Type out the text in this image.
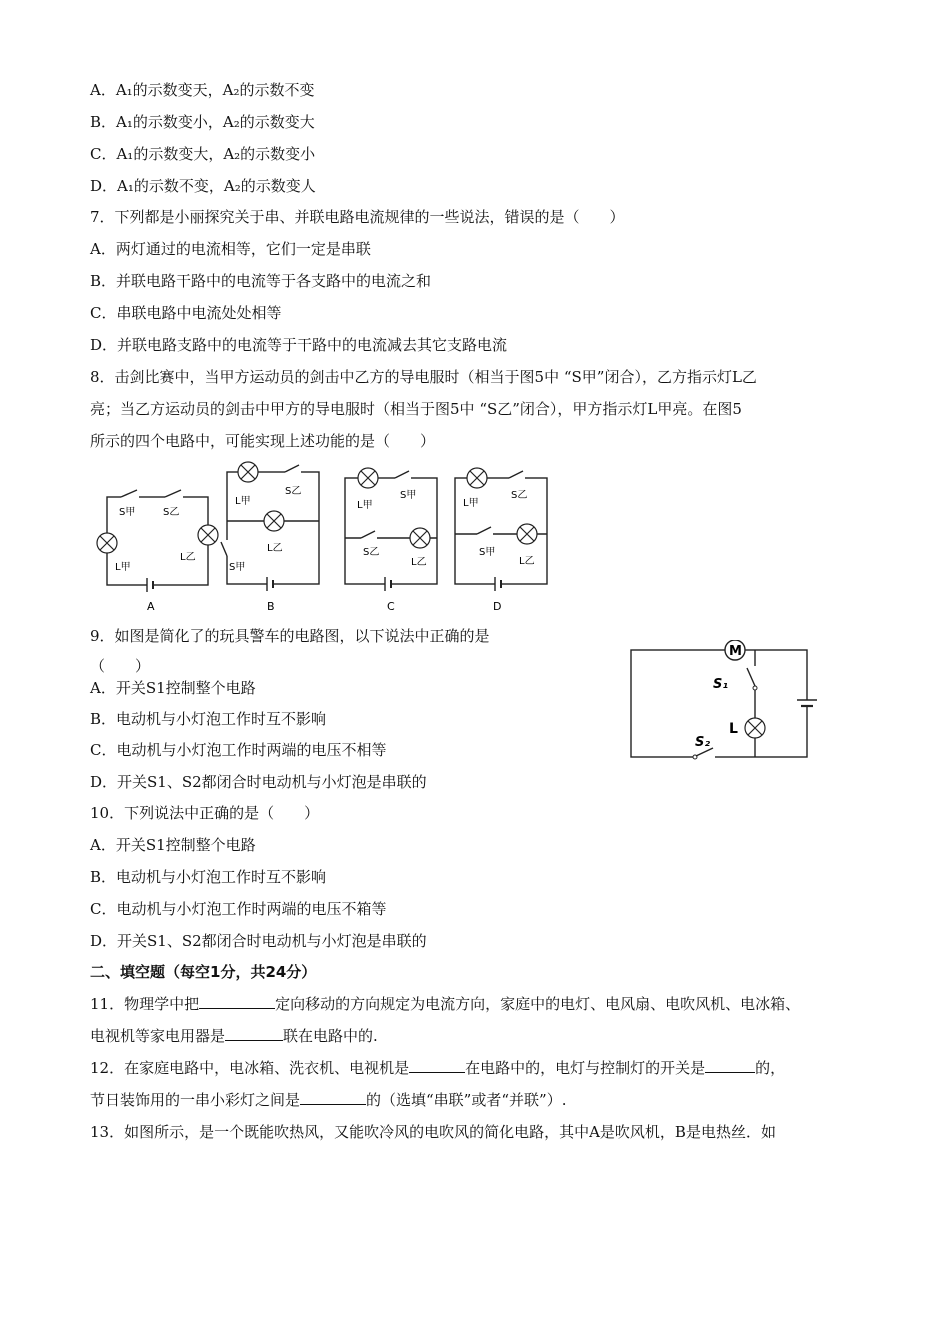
A．A₁的示数变天，A₂的示数不变
B．A₁的示数变小，A₂的示数变大
C．A₁的示数变大，A₂的示数变小
D．A₁的示数不变，A₂的示数变人
7．下列都是小丽探究关于串、并联电路电流规律的一些说法，错误的是（　　）
A．两灯通过的电流相等，它们一定是串联
B．并联电路干路中的电流等于各支路中的电流之和
C．串联电路中电流处处相等
D．并联电路支路中的电流等于干路中的电流减去其它支路电流
8．击剑比赛中，当甲方运动员的剑击中乙方的导电服时（相当于图5中 “S甲”闭合），乙方指示灯L乙
亮；当乙方运动员的剑击中甲方的导电服时（相当于图5中 “S乙”闭合），甲方指示灯L甲亮。在图5
所示的四个电路中，可能实现上述功能的是（　　）
S甲	S乙
L甲
L乙
A
L甲
S乙
L乙
S甲
B
L甲
S甲
S乙
L乙
C
L甲
S乙
S甲
L乙
D
9．如图是简化了的玩具警车的电路图，以下说法中正确的是
（　　）
A．开关S1控制整个电路
B．电动机与小灯泡工作时互不影响
C．电动机与小灯泡工作时两端的电压不相等
D．开关S1、S2都闭合时电动机与小灯泡是串联的
M
S₁
L
S₂
10．下列说法中正确的是（　　）
A．开关S1控制整个电路
B．电动机与小灯泡工作时互不影响
C．电动机与小灯泡工作时两端的电压不箱等
D．开关S1、S2都闭合时电动机与小灯泡是串联的
二、填空题（每空1分，共24分）
11．物理学中把	定向移动的方向规定为电流方向，家庭中的电灯、电风扇、电吹风机、电冰箱、
电视机等家电用器是	联在电路中的.
12．在家庭电路中，电冰箱、洗衣机、电视机是	在电路中的，电灯与控制灯的开关是	的，
节日装饰用的一串小彩灯之间是	的（选填“串联”或者“并联”）.
13．如图所示，是一个既能吹热风，又能吹冷风的电吹风的简化电路，其中A是吹风机，B是电热丝．如
